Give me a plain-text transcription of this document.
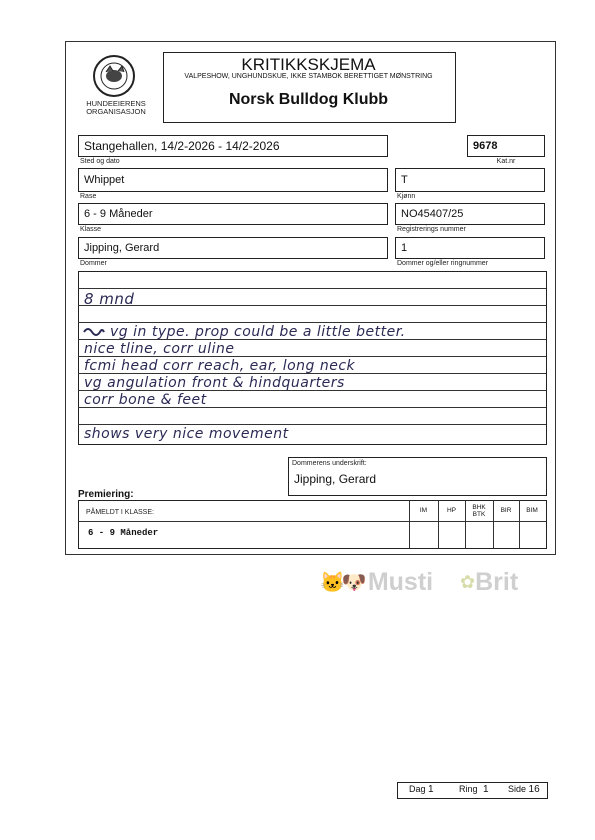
HUNDEEIERENS ORGANISASJON
KRITIKKSKJEMA
VALPESHOW, UNGHUNDSKUE, IKKE STAMBOK BERETTIGET MØNSTRING
Norsk Bulldog Klubb
Stangehallen, 14/2-2026 - 14/2-2026
Sted og dato
9678
Kat.nr
Whippet
Rase
T
Kjønn
6 - 9 Måneder
Klasse
NO45407/25
Registrerings nummer
Jipping, Gerard
Dommer
1
Dommer og/eller ringnummer
8 mnd
vg in type. prop could be a little better.
nice tline, corr uline
fcmi head corr reach, ear, long neck
vg angulation front & hindquarters
corr bone & feet
shows very nice movement
Dommerens underskrift:
Jipping, Gerard
Premiering:
PÅMELDT I KLASSE:	IM	HP	BHK BTK	BIR	BIM
6 - 9 Måneder
🐱🐶 Musti ✿ Brit
Dag 1	Ring 1 Side 16
